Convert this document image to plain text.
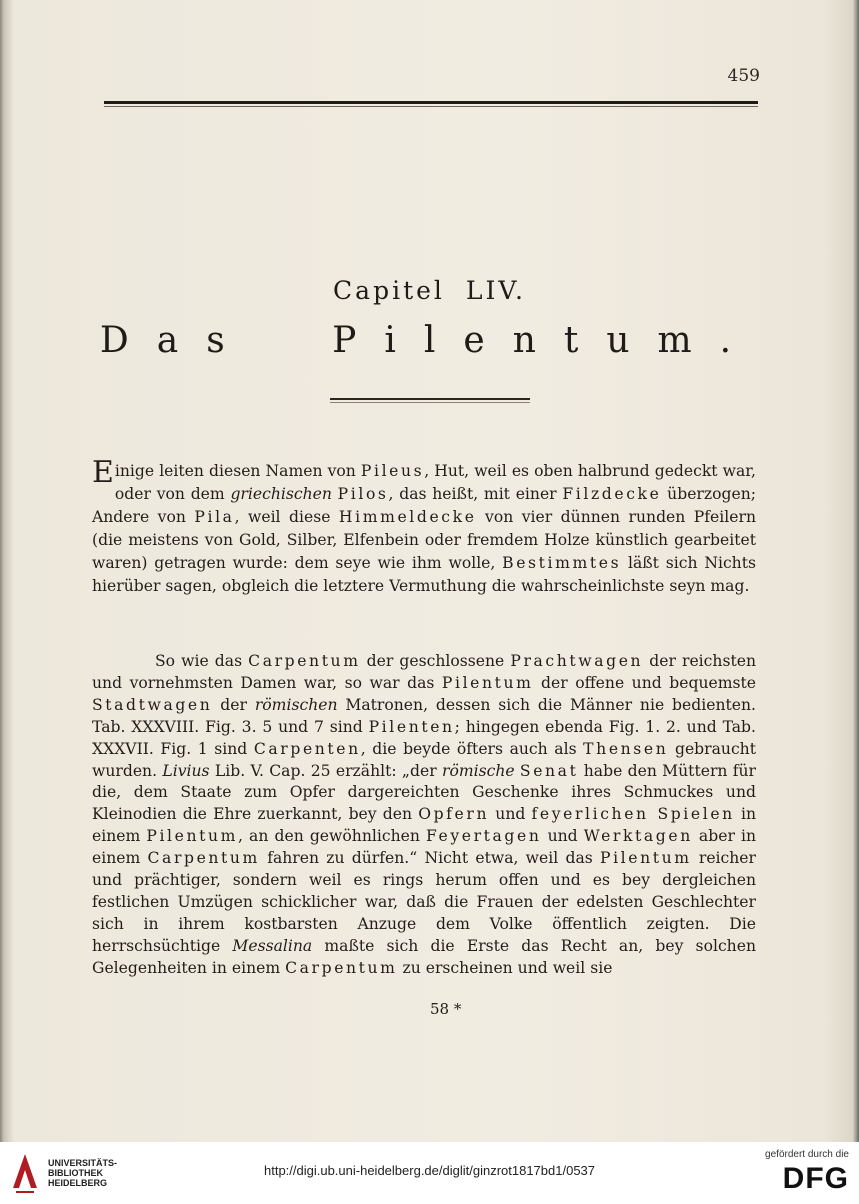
459
Capitel LIV.
Das Pilentum.
Einige leiten diesen Namen von Pileus, Hut, weil es oben halbrund gedeckt war, oder von dem griechischen Pilos, das heißt, mit einer Filzdecke überzogen; Andere von Pila, weil diese Himmeldecke von vier dünnen runden Pfeilern (die meistens von Gold, Silber, Elfenbein oder fremdem Holze künstlich gearbeitet waren) getragen wurde: dem seye wie ihm wolle, Bestimmtes läßt sich Nichts hierüber sagen, obgleich die letztere Vermuthung die wahrscheinlichste seyn mag.
So wie das Carpentum der geschlossene Prachtwagen der reichsten und vornehmsten Damen war, so war das Pilentum der offene und bequemste Stadtwagen der römischen Matronen, dessen sich die Männer nie bedienten. Tab. XXXVIII. Fig. 3. 5 und 7 sind Pilenten; hingegen ebenda Fig. 1. 2. und Tab. XXXVII. Fig. 1 sind Carpenten, die beyde öfters auch als Thensen gebraucht wurden. Livius Lib. V. Cap. 25 erzählt: „der römische Senat habe den Müttern für die, dem Staate zum Opfer dargereichten Geschenke ihres Schmuckes und Kleinodien die Ehre zuerkannt, bey den Opfern und feyerlichen Spielen in einem Pilentum, an den gewöhnlichen Feyertagen und Werktagen aber in einem Carpentum fahren zu dürfen.“ Nicht etwa, weil das Pilentum reicher und prächtiger, sondern weil es rings herum offen und es bey dergleichen festlichen Umzügen schicklicher war, daß die Frauen der edelsten Geschlechter sich in ihrem kostbarsten Anzuge dem Volke öffentlich zeigten. Die herrschsüchtige Messalina maßte sich die Erste das Recht an, bey solchen Gelegenheiten in einem Carpentum zu erscheinen und weil sie
58 *
UNIVERSITÄTS-
BIBLIOTHEK
HEIDELBERG
http://digi.ub.uni-heidelberg.de/diglit/ginzrot1817bd1/0537
gefördert durch die
DFG
